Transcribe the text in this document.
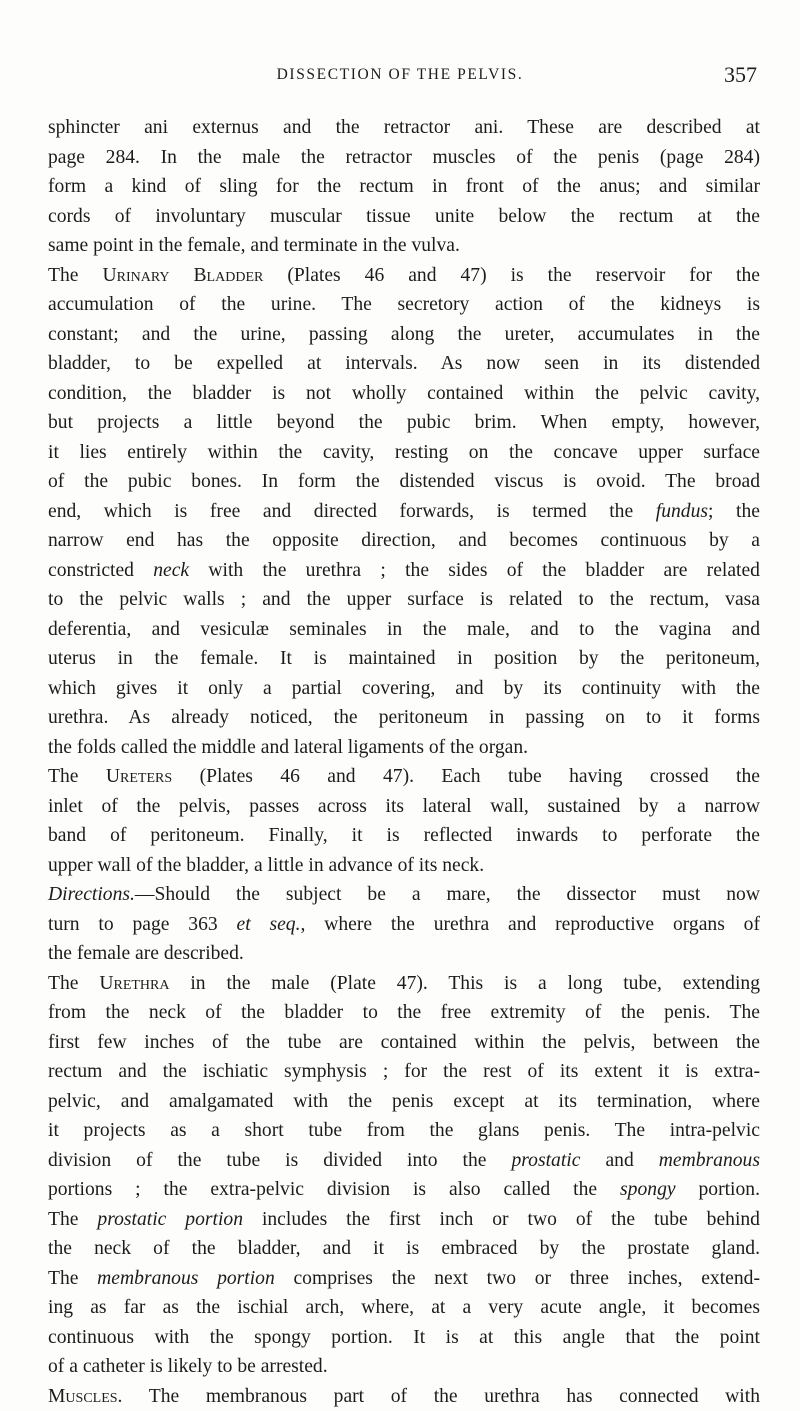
DISSECTION OF THE PELVIS.	357
sphincter ani externus and the retractor ani. These are described at
page 284. In the male the retractor muscles of the penis (page 284)
form a kind of sling for the rectum in front of the anus; and similar
cords of involuntary muscular tissue unite below the rectum at the
same point in the female, and terminate in the vulva.
The Urinary Bladder (Plates 46 and 47) is the reservoir for the
accumulation of the urine. The secretory action of the kidneys is
constant; and the urine, passing along the ureter, accumulates in the
bladder, to be expelled at intervals. As now seen in its distended
condition, the bladder is not wholly contained within the pelvic cavity,
but projects a little beyond the pubic brim. When empty, however,
it lies entirely within the cavity, resting on the concave upper surface
of the pubic bones. In form the distended viscus is ovoid. The broad
end, which is free and directed forwards, is termed the fundus; the
narrow end has the opposite direction, and becomes continuous by a
constricted neck with the urethra ; the sides of the bladder are related
to the pelvic walls ; and the upper surface is related to the rectum, vasa
deferentia, and vesiculæ seminales in the male, and to the vagina and
uterus in the female. It is maintained in position by the peritoneum,
which gives it only a partial covering, and by its continuity with the
urethra. As already noticed, the peritoneum in passing on to it forms
the folds called the middle and lateral ligaments of the organ.
The Ureters (Plates 46 and 47). Each tube having crossed the
inlet of the pelvis, passes across its lateral wall, sustained by a narrow
band of peritoneum. Finally, it is reflected inwards to perforate the
upper wall of the bladder, a little in advance of its neck.
Directions.—Should the subject be a mare, the dissector must now
turn to page 363 et seq., where the urethra and reproductive organs of
the female are described.
The Urethra in the male (Plate 47). This is a long tube, extending
from the neck of the bladder to the free extremity of the penis. The
first few inches of the tube are contained within the pelvis, between the
rectum and the ischiatic symphysis ; for the rest of its extent it is extra-
pelvic, and amalgamated with the penis except at its termination, where
it projects as a short tube from the glans penis. The intra-pelvic
division of the tube is divided into the prostatic and membranous
portions ; the extra-pelvic division is also called the spongy portion.
The prostatic portion includes the first inch or two of the tube behind
the neck of the bladder, and it is embraced by the prostate gland.
The membranous portion comprises the next two or three inches, extend-
ing as far as the ischial arch, where, at a very acute angle, it becomes
continuous with the spongy portion. It is at this angle that the point
of a catheter is likely to be arrested.
Muscles. The membranous part of the urethra has connected with
